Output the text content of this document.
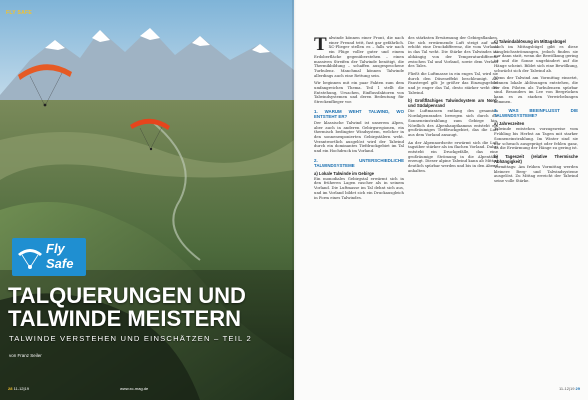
FLY SAFE
Fly
Safe
TALQUERUNGEN UND
TALWINDE MEISTERN
TALWINDE VERSTEHEN UND EINSCHÄTZEN – TEIL 2
von Franz Seiler
28 11-12|19	www.xc-mag.de

Talwinde können einer Front, die nach einer Freund tritt, fast gar gefährlich. XC-Flieger stellen es – falls wir nach ein Flüge voller guter und einem Erdoberfläche gegenüberstehen – einen massiven Streifen der Talwinde benötigt, die Thermikbildung – schaffen ausgesprochene Turbulenz. Manchmal können Talwinde allerdings auch eine Rettung sein.

Wir beginnen mit ein paar Fakten zum dem umfangreichen Thema. Teil 1 stellt die Entstehung, Ursachen, Einflussfaktoren von Talwindsystemen und deren Bedeutung für Streckenflieger vor.

1. WARUM WEHT TALWIND, WO ENTSTEHT ER?

Der klassische Talwind ist unserem Alpen, aber auch in anderen Gebirgsregionen, ein thermisch bedingter Windsystem, welcher in den sonnenexponierten Gebirgstälern weht. Verantwortlich ausgelöst wird der Talwind durch ein dominantes Tiefdruckgebiet im Tal und ein Hochdruck im Vorland.

2. UNTERSCHIEDLICHE TALWINDSYSTEME
a) Lokale Talwinde im Gebirge

Ein monodiales Gebirgstal erwärmt sich in den früheren Lagen rascher als in seinem Vorland. Die Luftmasse im Tal dehnt sich aus, und im Vorland bildet sich ein Druckausgleich in Form eines Talwindes.

des stärksten Erwärmung der Gebirgsflanken. Die sich erwärmende Luft steigt auf und erhöht eine Druckdifferenz, die vom Vorland in das Tal weht. Die Stärke des Talwindes ist abhängig von der Temperaturdifferenz zwischen Tal und Vorland, sowie dem Verlauf des Tales.

Fließt die Luftmasse in ein enges Tal, wird sie durch den Düseneffekt beschleunigt. Als Faustregel gilt: Je größer das Einzugsgebiet und je enger das Tal, desto stärker weht der Talwind.

b) Großflächiges Talwindsystem am Nord- und Südalpenrand

Die Luftmassen entlang des gesamten Nordalpenrandes bewegen sich durch die Sonneneinstrahlung zum Gebirge hin. Nördlich des Alpenhauptkamms entsteht ein großräumiges Tiefdruckgebiet, das die Luft aus dem Vorland ansaugt.

An der Alpennordseite erwärmt sich die Luft tagsüber stärker als im flachen Vorland. Dabei entsteht ein Druckgefälle, das eine großräumige Strömung in die Alpentäler erzeugt. Dieser alpine Talwind kann ab Mittag deutlich spürbar werden und bis in den Abend anhalten.

c) Talwindablösung im Mittagsbügel

Auch im Mittagsbügel gibt es diese Ausgleichsströmungen, jedoch finden sie nur dann statt, wenn die Bewölkung gering ist und die Sonne ungehindert auf die Hänge scheint. Bildet sich eine Bewölkung, schwächt sich der Talwind ab.

Wenn der Talwind am Vormittag einsetzt, können lokale Ablösungen entstehen, die für den Piloten als Turbulenzen spürbar sind. Besonders im Lee von Bergrücken kann es zu starken Verwirbelungen kommen.

3. WAS BEEINFLUSST DIE TALWINDSYSTEME?
a) Jahreszeiten

Talwinde entstehen vorzugsweise vom Frühling bis Herbst an Tagen mit starker Sonneneinstrahlung. Im Winter sind sie nur schwach ausgeprägt oder fehlen ganz, da die Erwärmung der Hänge zu gering ist.

b) Tageszeit (relative Thermische Abhängigkeit)

Vormittags: Am frühen Vormittag werden kleinere Berg- und Talwindsysteme ausgelöst. Zu Mittag erreicht der Talwind seine volle Stärke.

11-12|19 29
